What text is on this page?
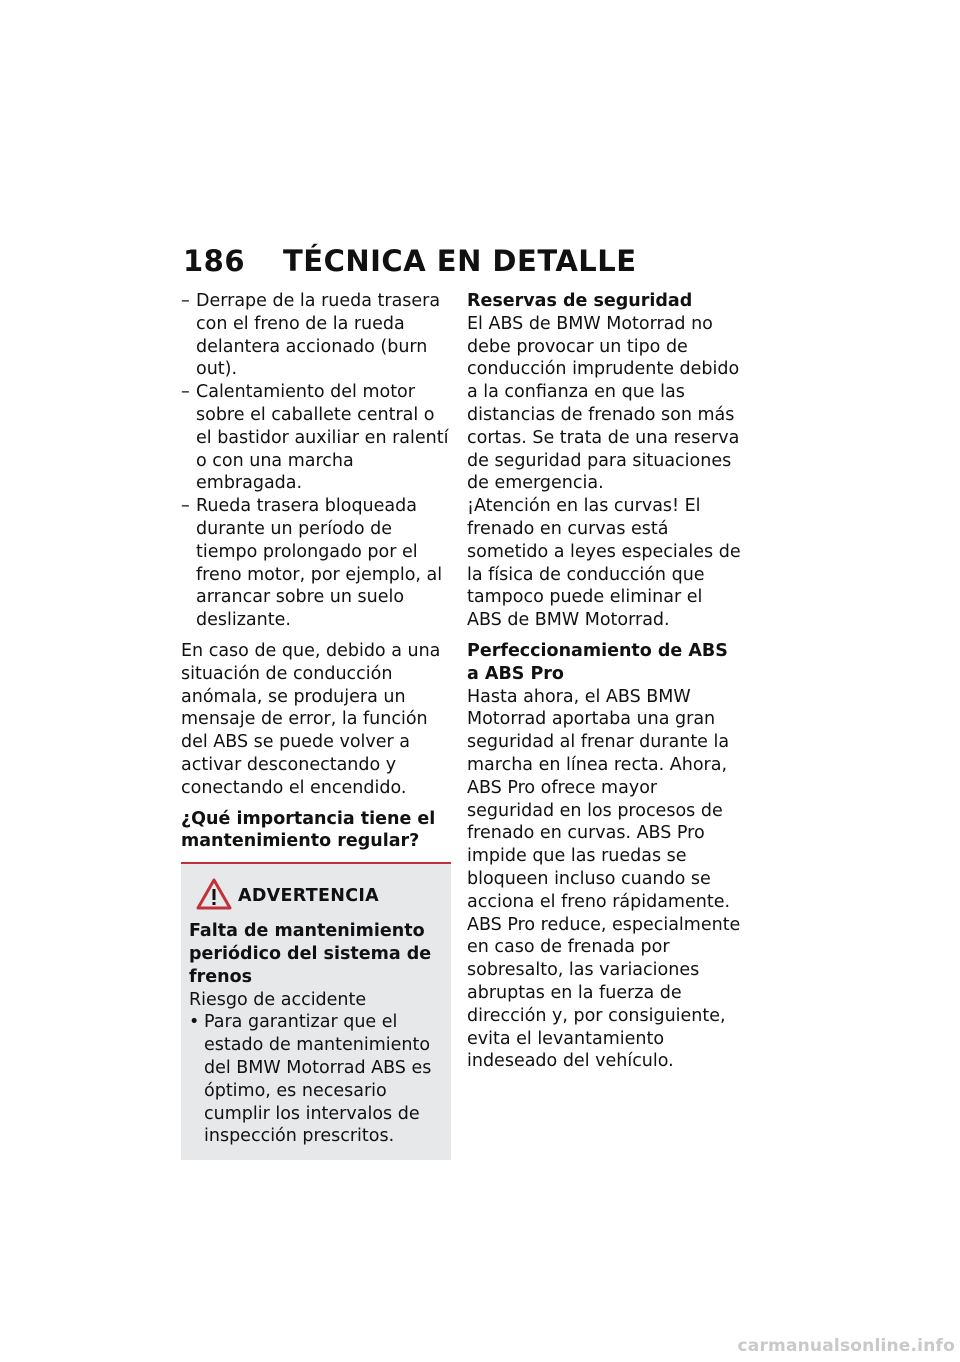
186 TÉCNICA EN DETALLE
– Derrape de la rueda trasera con el freno de la rueda delantera accionado (burn out).
– Calentamiento del motor sobre el caballete central o el bastidor auxiliar en ralentí o con una marcha embragada.
– Rueda trasera bloqueada durante un período de tiempo prolongado por el freno motor, por ejemplo, al arrancar sobre un suelo deslizante.

En caso de que, debido a una situación de conducción anómala, se produjera un mensaje de error, la función del ABS se puede volver a activar desconectando y conectando el encendido.

¿Qué importancia tiene el mantenimiento regular?

ADVERTENCIA

Falta de mantenimiento periódico del sistema de frenos

Riesgo de accidente

• Para garantizar que el estado de mantenimiento del BMW Motorrad ABS es óptimo, es necesario cumplir los intervalos de inspección prescritos.

Reservas de seguridad

El ABS de BMW Motorrad no debe provocar un tipo de conducción imprudente debido a la confianza en que las distancias de frenado son más cortas. Se trata de una reserva de seguridad para situaciones de emergencia.

¡Atención en las curvas! El frenado en curvas está sometido a leyes especiales de la física de conducción que tampoco puede eliminar el ABS de BMW Motorrad.

Perfeccionamiento de ABS a ABS Pro

Hasta ahora, el ABS BMW Motorrad aportaba una gran seguridad al frenar durante la marcha en línea recta. Ahora, ABS Pro ofrece mayor seguridad en los procesos de frenado en curvas. ABS Pro impide que las ruedas se bloqueen incluso cuando se acciona el freno rápidamente. ABS Pro reduce, especialmente en caso de frenada por sobresalto, las variaciones abruptas en la fuerza de dirección y, por consiguiente, evita el levantamiento indeseado del vehículo.

carmanualsonline.info
